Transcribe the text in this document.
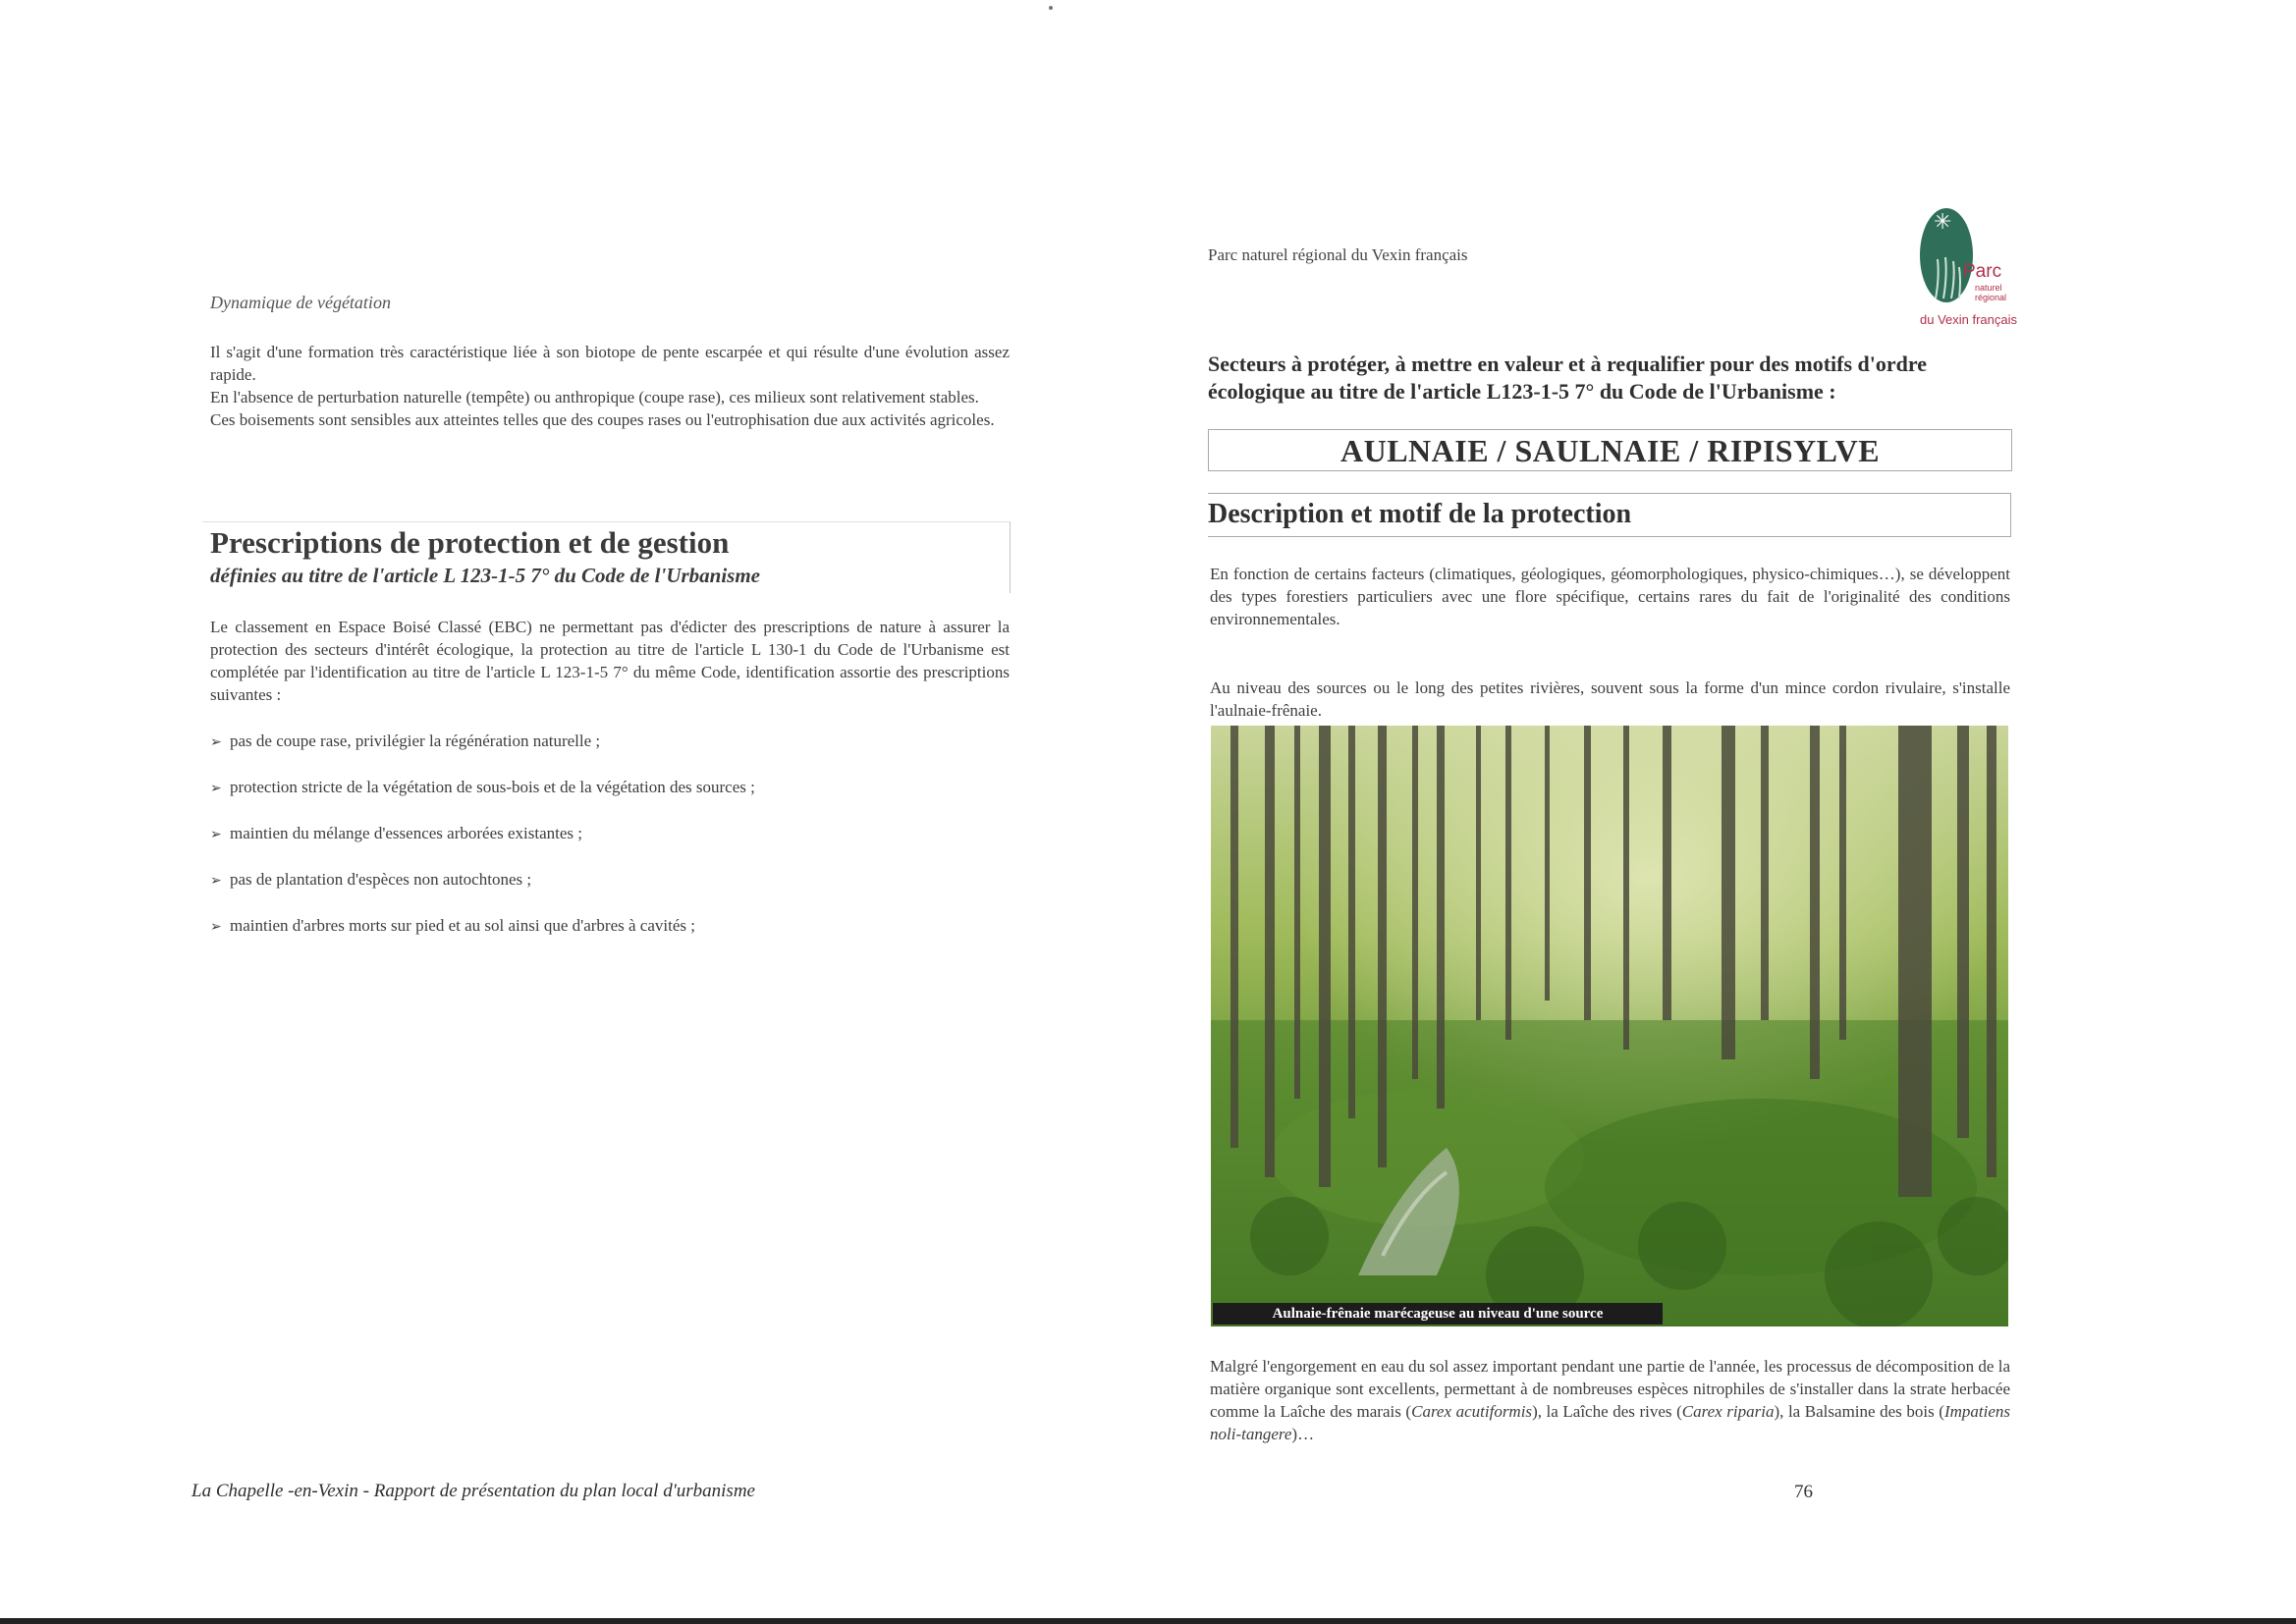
Dynamique de végétation
Il s'agit d'une formation très caractéristique liée à son biotope de pente escarpée et qui résulte d'une évolution assez rapide.
En l'absence de perturbation naturelle (tempête) ou anthropique (coupe rase), ces milieux sont relativement stables.
Ces boisements sont sensibles aux atteintes telles que des coupes rases ou l'eutrophisation due aux activités agricoles.
Prescriptions de protection et de gestion
définies au titre de l'article L 123-1-5 7° du Code de l'Urbanisme
Le classement en Espace Boisé Classé (EBC) ne permettant pas d'édicter des prescriptions de nature à assurer la protection des secteurs d'intérêt écologique, la protection au titre de l'article L 130-1 du Code de l'Urbanisme est complétée par l'identification au titre de l'article L 123-1-5 7° du même Code, identification assortie des prescriptions suivantes :
➢ pas de coupe rase, privilégier la régénération naturelle ;
➢ protection stricte de la végétation de sous-bois et de la végétation des sources ;
➢ maintien du mélange d'essences arborées existantes ;
➢ pas de plantation d'espèces non autochtones ;
➢ maintien d'arbres morts sur pied et au sol ainsi que d'arbres à cavités ;
La Chapelle -en-Vexin - Rapport de présentation du plan local d'urbanisme
Parc naturel régional du Vexin français
✳
Parc
naturel
régional
du Vexin français
Secteurs à protéger, à mettre en valeur et à requalifier pour des motifs d'ordre écologique au titre de l'article L123-1-5 7° du Code de l'Urbanisme :
AULNAIE / SAULNAIE / RIPISYLVE
Description et motif de la protection
En fonction de certains facteurs (climatiques, géologiques, géomorphologiques, physico-chimiques…), se développent des types forestiers particuliers avec une flore spécifique, certains rares du fait de l'originalité des conditions environnementales.
Au niveau des sources ou le long des petites rivières, souvent sous la forme d'un mince cordon rivulaire, s'installe l'aulnaie-frênaie.
Aulnaie-frênaie marécageuse au niveau d'une source
Malgré l'engorgement en eau du sol assez important pendant une partie de l'année, les processus de décomposition de la matière organique sont excellents, permettant à de nombreuses espèces nitrophiles de s'installer dans la strate herbacée comme la Laîche des marais (Carex acutiformis), la Laîche des rives (Carex riparia), la Balsamine des bois (Impatiens noli-tangere)…
76
